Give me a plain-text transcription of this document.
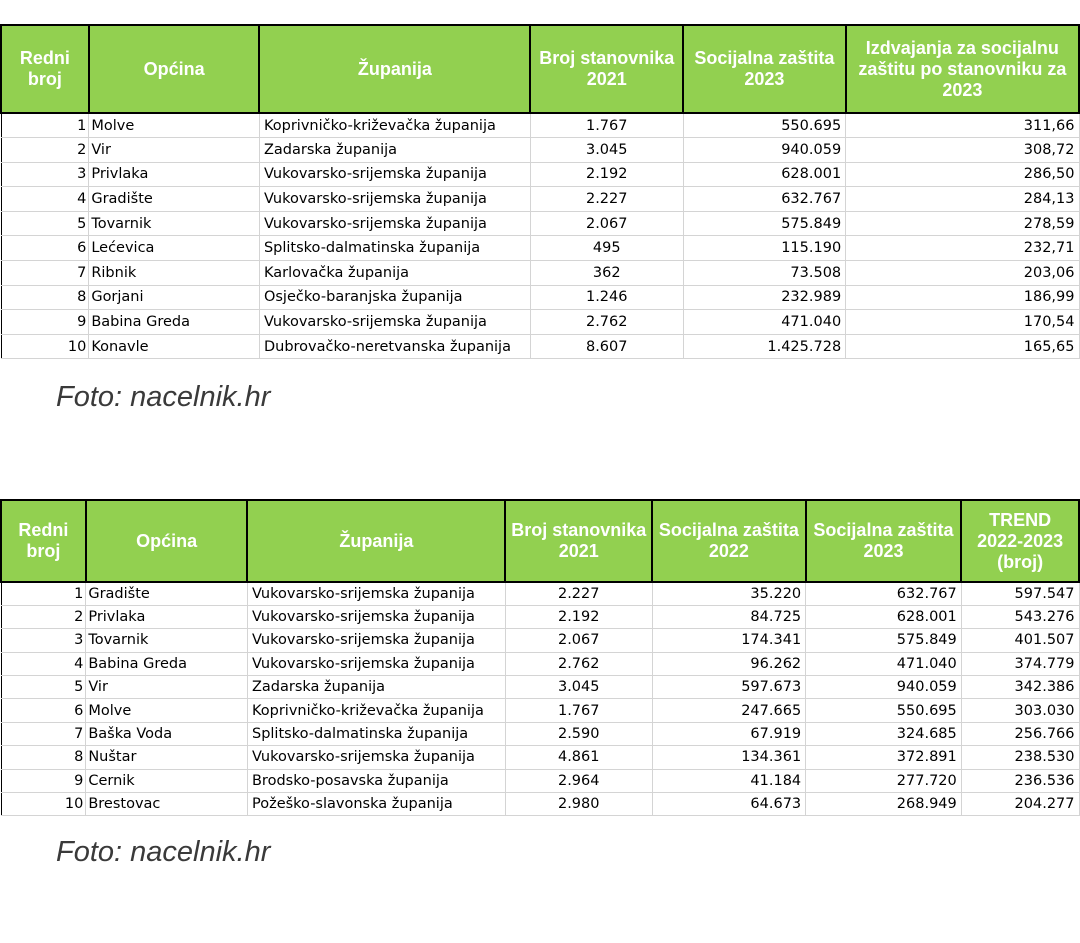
Redni broj	Općina	Županija	Broj stanovnika 2021	Socijalna zaštita 2023	Izdvajanja za socijalnu zaštitu po stanovniku za 2023
1	Molve	Koprivničko-križevačka županija	1.767	550.695	311,66
2	Vir	Zadarska županija	3.045	940.059	308,72
3	Privlaka	Vukovarsko-srijemska županija	2.192	628.001	286,50
4	Gradište	Vukovarsko-srijemska županija	2.227	632.767	284,13
5	Tovarnik	Vukovarsko-srijemska županija	2.067	575.849	278,59
6	Lećevica	Splitsko-dalmatinska županija	495	115.190	232,71
7	Ribnik	Karlovačka županija	362	73.508	203,06
8	Gorjani	Osječko-baranjska županija	1.246	232.989	186,99
9	Babina Greda	Vukovarsko-srijemska županija	2.762	471.040	170,54
10	Konavle	Dubrovačko-neretvanska županija	8.607	1.425.728	165,65
Foto: nacelnik.hr
Redni broj	Općina	Županija	Broj stanovnika 2021	Socijalna zaštita 2022	Socijalna zaštita 2023	TREND 2022-2023 (broj)
1	Gradište	Vukovarsko-srijemska županija	2.227	35.220	632.767	597.547
2	Privlaka	Vukovarsko-srijemska županija	2.192	84.725	628.001	543.276
3	Tovarnik	Vukovarsko-srijemska županija	2.067	174.341	575.849	401.507
4	Babina Greda	Vukovarsko-srijemska županija	2.762	96.262	471.040	374.779
5	Vir	Zadarska županija	3.045	597.673	940.059	342.386
6	Molve	Koprivničko-križevačka županija	1.767	247.665	550.695	303.030
7	Baška Voda	Splitsko-dalmatinska županija	2.590	67.919	324.685	256.766
8	Nuštar	Vukovarsko-srijemska županija	4.861	134.361	372.891	238.530
9	Cernik	Brodsko-posavska županija	2.964	41.184	277.720	236.536
10	Brestovac	Požeško-slavonska županija	2.980	64.673	268.949	204.277
Foto: nacelnik.hr
